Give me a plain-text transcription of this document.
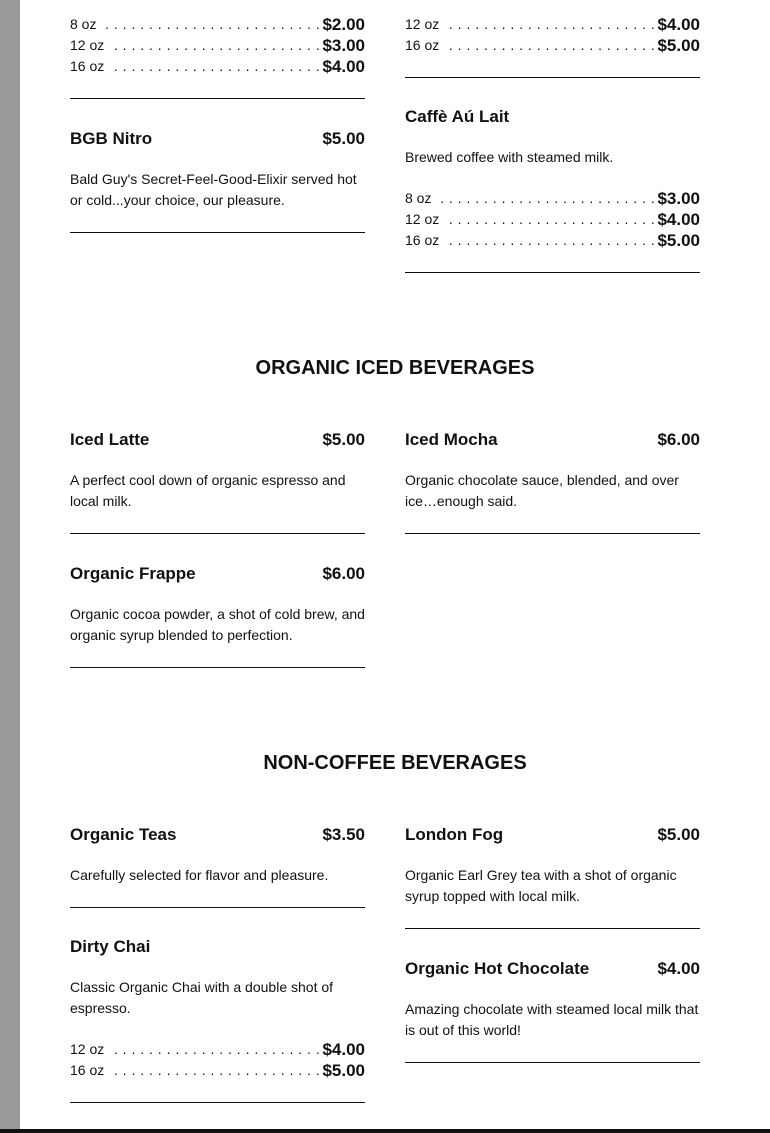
. . .
8 oz	$2.00
. . .
12 oz	$3.00
. . .
16 oz	$4.00
. . .
12 oz	$4.00
. . .
16 oz	$5.00
BGB Nitro	$5.00
Bald Guy's Secret-Feel-Good-Elixir served hot or cold...your choice, our pleasure.
Caffè Aú Lait
Brewed coffee with steamed milk.
. . .
8 oz	$3.00
. . .
12 oz	$4.00
. . .
16 oz	$5.00
ORGANIC ICED BEVERAGES
Iced Latte	$5.00
A perfect cool down of organic espresso and local milk.
Iced Mocha	$6.00
Organic chocolate sauce, blended, and over ice…enough said.
Organic Frappe	$6.00
Organic cocoa powder, a shot of cold brew, and organic syrup blended to perfection.
NON-COFFEE BEVERAGES
Organic Teas	$3.50
Carefully selected for flavor and pleasure.
London Fog	$5.00
Organic Earl Grey tea with a shot of organic syrup topped with local milk.
Dirty Chai
Classic Organic Chai with a double shot of espresso.
. . .
12 oz	$4.00
. . .
16 oz	$5.00
Organic Hot Chocolate	$4.00
Amazing chocolate with steamed local milk that is out of this world!
